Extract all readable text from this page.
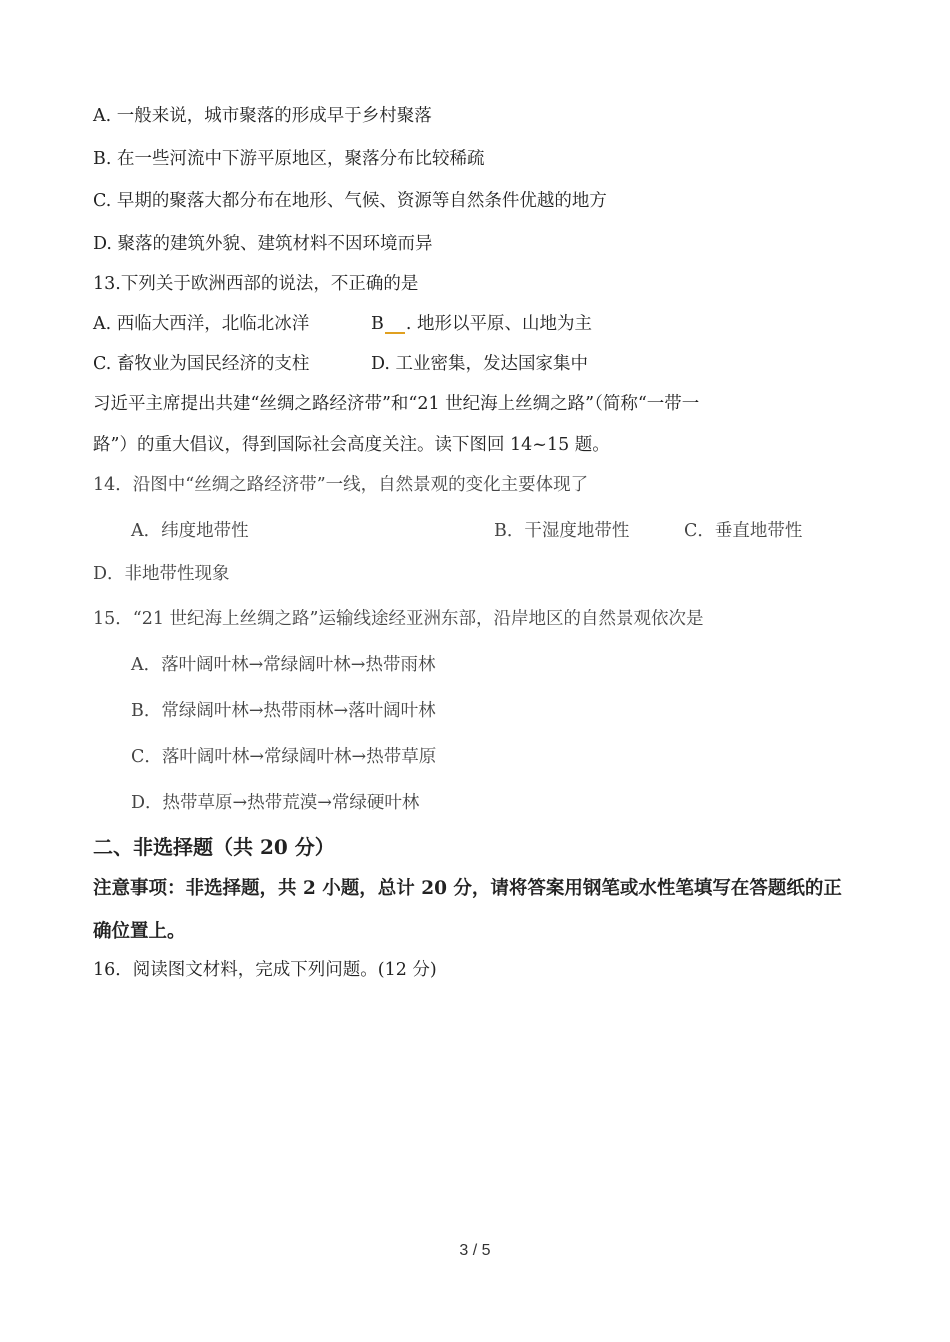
A. 一般来说，城市聚落的形成早于乡村聚落
B. 在一些河流中下游平原地区，聚落分布比较稀疏
C. 早期的聚落大都分布在地形、气候、资源等自然条件优越的地方
D. 聚落的建筑外貌、建筑材料不因环境而异
13.下列关于欧洲西部的说法，不正确的是
A. 西临大西洋，北临北冰洋	B . 地形以平原、山地为主
C. 畜牧业为国民经济的支柱	D. 工业密集，发达国家集中
习近平主席提出共建“丝绸之路经济带”和“21 世纪海上丝绸之路”（简称“一带一
路”）的重大倡议，得到国际社会高度关注。读下图回 14~15 题。
14．沿图中“丝绸之路经济带”一线，自然景观的变化主要体现了
A．纬度地带性	B．干湿度地带性	C．垂直地带性
D．非地带性现象
15．“21 世纪海上丝绸之路”运输线途经亚洲东部，沿岸地区的自然景观依次是
A．落叶阔叶林→常绿阔叶林→热带雨林
B．常绿阔叶林→热带雨林→落叶阔叶林
C．落叶阔叶林→常绿阔叶林→热带草原
D．热带草原→热带荒漠→常绿硬叶林
二、非选择题（共 20 分）
注意事项：非选择题，共 2 小题，总计 20 分，请将答案用钢笔或水性笔填写在答题纸的正
确位置上。
16．阅读图文材料，完成下列问题。(12 分)
3 / 5
